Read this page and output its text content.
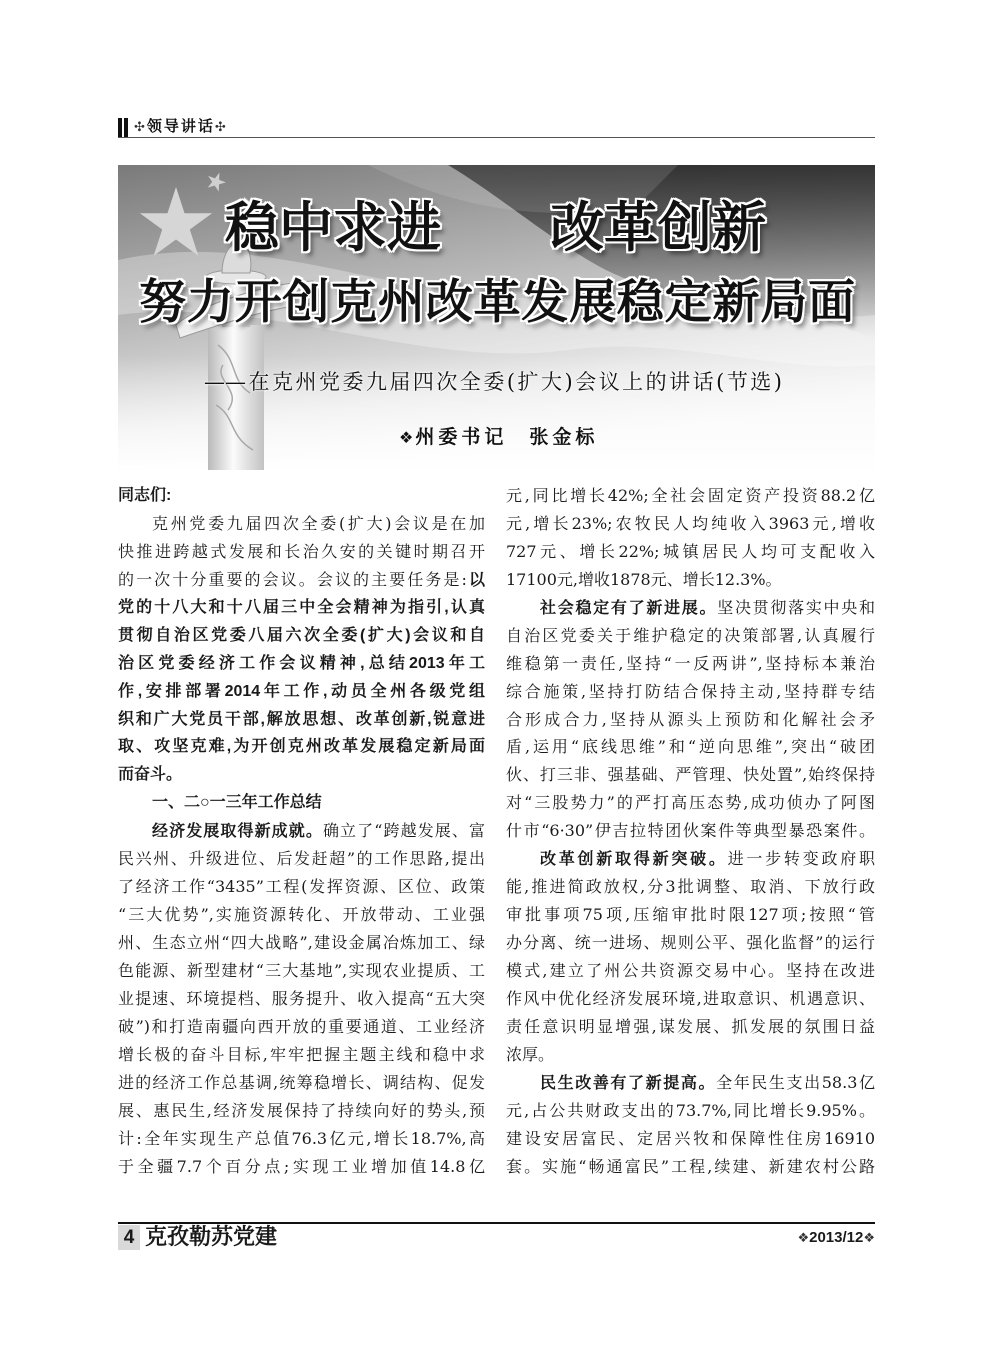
✣领导讲话✣
稳中求进 改革创新
努力开创克州改革发展稳定新局面
——在克州党委九届四次全委(扩大)会议上的讲话(节选)
❖州委书记 张金标
同志们:
克州党委九届四次全委(扩大)会议是在加
快推进跨越式发展和长治久安的关键时期召开
的一次十分重要的会议。会议的主要任务是:以
党的十八大和十八届三中全会精神为指引,认真
贯彻自治区党委八届六次全委(扩大)会议和自
治区党委经济工作会议精神,总结2013年工
作,安排部署2014年工作,动员全州各级党组
织和广大党员干部,解放思想、改革创新,锐意进
取、攻坚克难,为开创克州改革发展稳定新局面
而奋斗。
一、二○一三年工作总结
经济发展取得新成就。确立了“跨越发展、富
民兴州、升级进位、后发赶超”的工作思路,提出
了经济工作“3435”工程(发挥资源、区位、政策
“三大优势”,实施资源转化、开放带动、工业强
州、生态立州“四大战略”,建设金属冶炼加工、绿
色能源、新型建材“三大基地”,实现农业提质、工
业提速、环境提档、服务提升、收入提高“五大突
破”)和打造南疆向西开放的重要通道、工业经济
增长极的奋斗目标,牢牢把握主题主线和稳中求
进的经济工作总基调,统筹稳增长、调结构、促发
展、惠民生,经济发展保持了持续向好的势头,预
计:全年实现生产总值76.3亿元,增长18.7%,高
于全疆7.7个百分点;实现工业增加值14.8亿
元,同比增长42%;全社会固定资产投资88.2亿
元,增长23%;农牧民人均纯收入3963元,增收
727元、增长22%;城镇居民人均可支配收入
17100元,增收1878元、增长12.3%。
社会稳定有了新进展。坚决贯彻落实中央和
自治区党委关于维护稳定的决策部署,认真履行
维稳第一责任,坚持“一反两讲”,坚持标本兼治
综合施策,坚持打防结合保持主动,坚持群专结
合形成合力,坚持从源头上预防和化解社会矛
盾,运用“底线思维”和“逆向思维”,突出“破团
伙、打三非、强基础、严管理、快处置”,始终保持
对“三股势力”的严打高压态势,成功侦办了阿图
什市“6·30”伊吉拉特团伙案件等典型暴恐案件。
改革创新取得新突破。进一步转变政府职
能,推进简政放权,分3批调整、取消、下放行政
审批事项75项,压缩审批时限127项;按照“管
办分离、统一进场、规则公平、强化监督”的运行
模式,建立了州公共资源交易中心。坚持在改进
作风中优化经济发展环境,进取意识、机遇意识、
责任意识明显增强,谋发展、抓发展的氛围日益
浓厚。
民生改善有了新提高。全年民生支出58.3亿
元,占公共财政支出的73.7%,同比增长9.95%。
建设安居富民、定居兴牧和保障性住房16910
套。实施“畅通富民”工程,续建、新建农村公路
4 克孜勒苏党建	❖2013/12❖
